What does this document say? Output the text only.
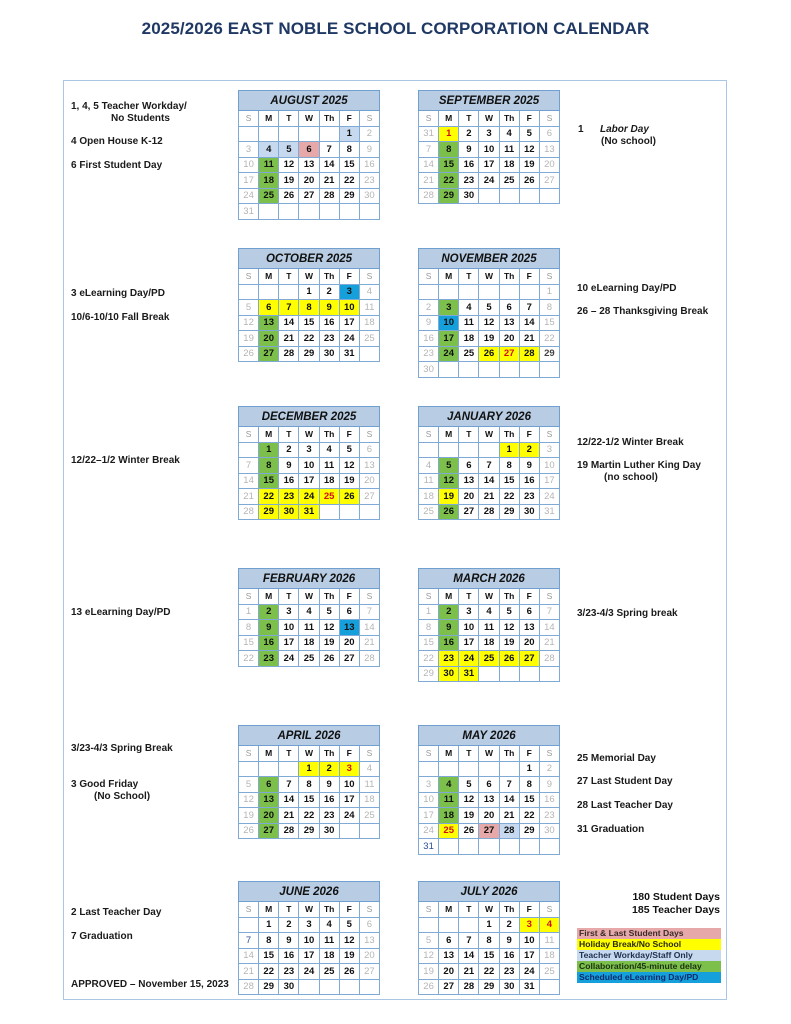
2025/2026 EAST NOBLE SCHOOL CORPORATION CALENDAR
AUGUST 2025						
S	M	T	W	Th	F	S
					1	2
3	4	5	6	7	8	9
10	11	12	13	14	15	16
17	18	19	20	21	22	23
24	25	26	27	28	29	30
31						
SEPTEMBER 2025						
S	M	T	W	Th	F	S
31	1	2	3	4	5	6
7	8	9	10	11	12	13
14	15	16	17	18	19	20
21	22	23	24	25	26	27
28	29	30				
OCTOBER 2025						
S	M	T	W	Th	F	S
			1	2	3	4
5	6	7	8	9	10	11
12	13	14	15	16	17	18
19	20	21	22	23	24	25
26	27	28	29	30	31	
NOVEMBER 2025						
S	M	T	W	Th	F	S
						1
2	3	4	5	6	7	8
9	10	11	12	13	14	15
16	17	18	19	20	21	22
23	24	25	26	27	28	29
30						
DECEMBER 2025						
S	M	T	W	Th	F	S
	1	2	3	4	5	6
7	8	9	10	11	12	13
14	15	16	17	18	19	20
21	22	23	24	25	26	27
28	29	30	31			
JANUARY 2026						
S	M	T	W	Th	F	S
				1	2	3
4	5	6	7	8	9	10
11	12	13	14	15	16	17
18	19	20	21	22	23	24
25	26	27	28	29	30	31
FEBRUARY 2026						
S	M	T	W	Th	F	S
1	2	3	4	5	6	7
8	9	10	11	12	13	14
15	16	17	18	19	20	21
22	23	24	25	26	27	28
MARCH 2026						
S	M	T	W	Th	F	S
1	2	3	4	5	6	7
8	9	10	11	12	13	14
15	16	17	18	19	20	21
22	23	24	25	26	27	28
29	30	31				
APRIL 2026						
S	M	T	W	Th	F	S
			1	2	3	4
5	6	7	8	9	10	11
12	13	14	15	16	17	18
19	20	21	22	23	24	25
26	27	28	29	30		
MAY 2026						
S	M	T	W	Th	F	S
					1	2
3	4	5	6	7	8	9
10	11	12	13	14	15	16
17	18	19	20	21	22	23
24	25	26	27	28	29	30
31						
JUNE 2026						
S	M	T	W	Th	F	S
	1	2	3	4	5	6
7	8	9	10	11	12	13
14	15	16	17	18	19	20
21	22	23	24	25	26	27
28	29	30				
JULY 2026						
S	M	T	W	Th	F	S
			1	2	3	4
5	6	7	8	9	10	11
12	13	14	15	16	17	18
19	20	21	22	23	24	25
26	27	28	29	30	31	
1, 4, 5 Teacher Workday/
No Students
4 Open House K-12
6 First Student Day
1 Labor Day
(No school)
3 eLearning Day/PD
10/6-10/10 Fall Break
10 eLearning Day/PD
26 – 28 Thanksgiving Break
12/22–1/2 Winter Break
12/22-1/2 Winter Break
19 Martin Luther King Day
(no school)
13 eLearning Day/PD	3/23-4/3 Spring break
3/23-4/3 Spring Break
3 Good Friday
(No School)
25 Memorial Day
27 Last Student Day
28 Last Teacher Day
31 Graduation
2 Last Teacher Day
7 Graduation
APPROVED – November 15, 2023
180 Student Days
185 Teacher Days
First & Last Student Days
Holiday Break/No School
Teacher Workday/Staff Only
Collaboration/45-minute delay
Scheduled eLearning Day/PD
